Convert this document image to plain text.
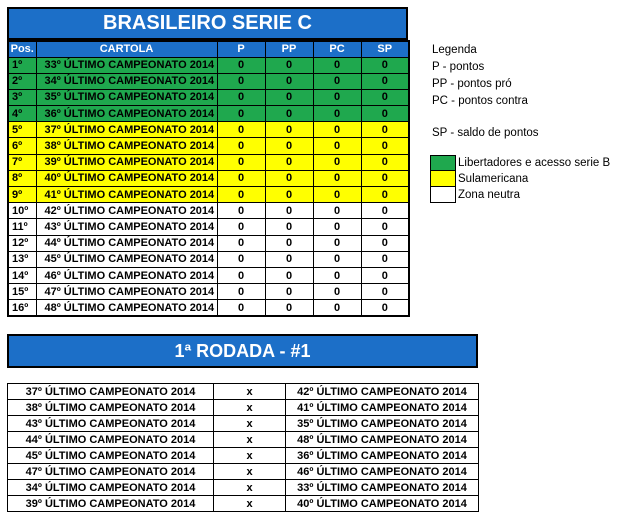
BRASILEIRO SERIE C
Pos.	CARTOLA	P	PP	PC	SP
1º	33º ÚLTIMO CAMPEONATO 2014	0	0	0	0
2º	34º ÚLTIMO CAMPEONATO 2014	0	0	0	0
3º	35º ÚLTIMO CAMPEONATO 2014	0	0	0	0
4º	36º ÚLTIMO CAMPEONATO 2014	0	0	0	0
5º	37º ÚLTIMO CAMPEONATO 2014	0	0	0	0
6º	38º ÚLTIMO CAMPEONATO 2014	0	0	0	0
7º	39º ÚLTIMO CAMPEONATO 2014	0	0	0	0
8º	40º ÚLTIMO CAMPEONATO 2014	0	0	0	0
9º	41º ÚLTIMO CAMPEONATO 2014	0	0	0	0
10º	42º ÚLTIMO CAMPEONATO 2014	0	0	0	0
11º	43º ÚLTIMO CAMPEONATO 2014	0	0	0	0
12º	44º ÚLTIMO CAMPEONATO 2014	0	0	0	0
13º	45º ÚLTIMO CAMPEONATO 2014	0	0	0	0
14º	46º ÚLTIMO CAMPEONATO 2014	0	0	0	0
15º	47º ÚLTIMO CAMPEONATO 2014	0	0	0	0
16º	48º ÚLTIMO CAMPEONATO 2014	0	0	0	0
Legenda
P - pontos
PP - pontos pró
PC - pontos contra
SP - saldo de pontos
Libertadores e acesso serie B
Sulamericana
Zona neutra
1ª RODADA - #1
37º ÚLTIMO CAMPEONATO 2014	x	42º ÚLTIMO CAMPEONATO 2014
38º ÚLTIMO CAMPEONATO 2014	x	41º ÚLTIMO CAMPEONATO 2014
43º ÚLTIMO CAMPEONATO 2014	x	35º ÚLTIMO CAMPEONATO 2014
44º ÚLTIMO CAMPEONATO 2014	x	48º ÚLTIMO CAMPEONATO 2014
45º ÚLTIMO CAMPEONATO 2014	x	36º ÚLTIMO CAMPEONATO 2014
47º ÚLTIMO CAMPEONATO 2014	x	46º ÚLTIMO CAMPEONATO 2014
34º ÚLTIMO CAMPEONATO 2014	x	33º ÚLTIMO CAMPEONATO 2014
39º ÚLTIMO CAMPEONATO 2014	x	40º ÚLTIMO CAMPEONATO 2014
